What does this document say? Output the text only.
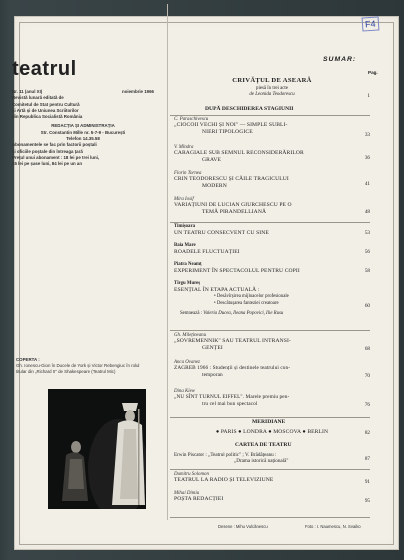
teatrul
Nr. 11 (anul XI)	noiembrie 1966
Revistă lunară editată de
Comitetul de Stat pentru Cultură
și Artă și de Uniunea Scriitorilor
din Republica Socialistă România
REDACȚIA ȘI ADMINISTRAȚIA
Str. Constantin Mille nr. 5-7-9 - București
Telefon 14.35.58
Abonamentele se fac prin factorii poștali
și oficiile poștale din întreaga țară
Prețul unui abonament : 18 lei pe trei luni,
45 lei pe șase luni, 84 lei pe un an
COPERTA :
Gh. Ionescu-Gion în Ducele de York și Victor Rebengiuc în rolul titular din „Richard II" de Shakespeare (Teatrul Mic)
F4
SUMAR:
Pag.
CRIVĂȚUL DE ASEARĂ
piesă în trei acte
de Leonida Teodorescu	1
DUPĂ DESCHIDEREA STAGIUNII
C. Paraschivescu
„CIOCOII VECHI ȘI NOI" — SIMPLE SUBLI-
NIERI TIPOLOGICE	33
V. Mîndra
CARAGIALE SUB SEMNUL RECONSIDERĂRILOR
GRAVE	36
Florin Tornea
CRIN TEODORESCU ȘI CĂILE TRAGICULUI
MODERN	41
Mira Iosif
VARIAȚIUNI DE LUCIAN GIURCHESCU PE O
TEMĂ PIRANDELLIANĂ	48
Timișoara
UN TEATRU CONSECVENT CU SINE	53
Baia Mare
ROADELE FLUCTUAȚIEI	56
Piatra Neamț
EXPERIMENT ÎN SPECTACOLUL PENTRU COPII	58
Tîrgu Mureș
ESENȚIAL ÎN ETAPA ACTUALĂ :
• Desăvîrșirea mijloacelor profesionale
• Descătușarea fanteziei creatoare	60
Semnează : Valeria Ducea, Ileana Popovici, Ilie Rusu
Gh. Milețineanu
„SOVREMENNIK" SAU TEATRUL INTRANSI-
GENȚEI	68
Anca Ovanez
ZAGREB 1966 : Studenții și destinele teatrului con-
temporan	70
Dina Kiew
„NU SÎNT TURNUL EIFFEL". Marele premiu pen-
tru cel mai bun spectacol	76
MERIDIANE
● PARIS ● LONDRA ● MOSCOVA ● BERLIN	82
CARTEA DE TEATRU
Erwin Piscator : „Teatrul politic" ; V. Brădățeanu :
„Drama istorică națională"	87
Dumitru Solomon
TEATRUL LA RADIO ȘI TELEVIZIUNE	91
Mihai Dimiu
POȘTA REDACȚIEI	95
Desene : Mihu Vulcănescu	Foto : I. Naumescu, N. Svaiko
